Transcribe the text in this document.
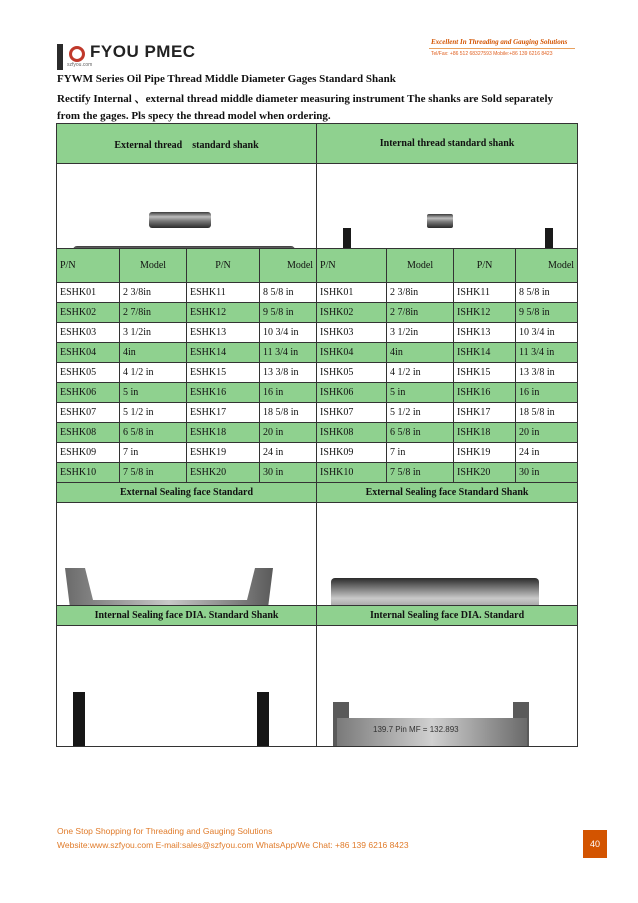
FYOU PMEC
szfyou.com
Excellent In Threading and Gauging Solutions
Tel/Fax: +86 512 68327593 Mobile:+86 139 6216 8423
FYWM Series Oil Pipe Thread Middle Diameter Gages Standard Shank
Rectify Internal 、external thread middle diameter measuring instrument The shanks are Sold separately from the gages. Pls specy the thread model when ordering.
External thread　standard shank				Internal thread standard shank			

P/N	Model	P/N	Model	P/N	Model	P/N	Model
ESHK01	2 3/8in	ESHK11	8 5/8 in	ISHK01	2 3/8in	ISHK11	8 5/8 in
ESHK02	2 7/8in	ESHK12	9 5/8 in	ISHK02	2 7/8in	ISHK12	9 5/8 in
ESHK03	3 1/2in	ESHK13	10 3/4 in	ISHK03	3 1/2in	ISHK13	10 3/4 in
ESHK04	4in	ESHK14	11 3/4 in	ISHK04	4in	ISHK14	11 3/4 in
ESHK05	4 1/2 in	ESHK15	13 3/8 in	ISHK05	4 1/2 in	ISHK15	13 3/8 in
ESHK06	5 in	ESHK16	16 in	ISHK06	5 in	ISHK16	16 in
ESHK07	5 1/2 in	ESHK17	18 5/8 in	ISHK07	5 1/2 in	ISHK17	18 5/8 in
ESHK08	6 5/8 in	ESHK18	20 in	ISHK08	6 5/8 in	ISHK18	20 in
ESHK09	7 in	ESHK19	24 in	ISHK09	7 in	ISHK19	24 in
ESHK10	7 5/8 in	ESHK20	30 in	ISHK10	7 5/8 in	ISHK20	30 in
External Sealing face Standard				External Sealing face Standard Shank			

Internal Sealing face DIA. Standard Shank				Internal Sealing face DIA. Standard			

139.7 Pin MF = 132.893			
One Stop Shopping for Threading and Gauging Solutions
Website:www.szfyou.com E-mail:sales@szfyou.com WhatsApp/We Chat: +86 139 6216 8423	40
